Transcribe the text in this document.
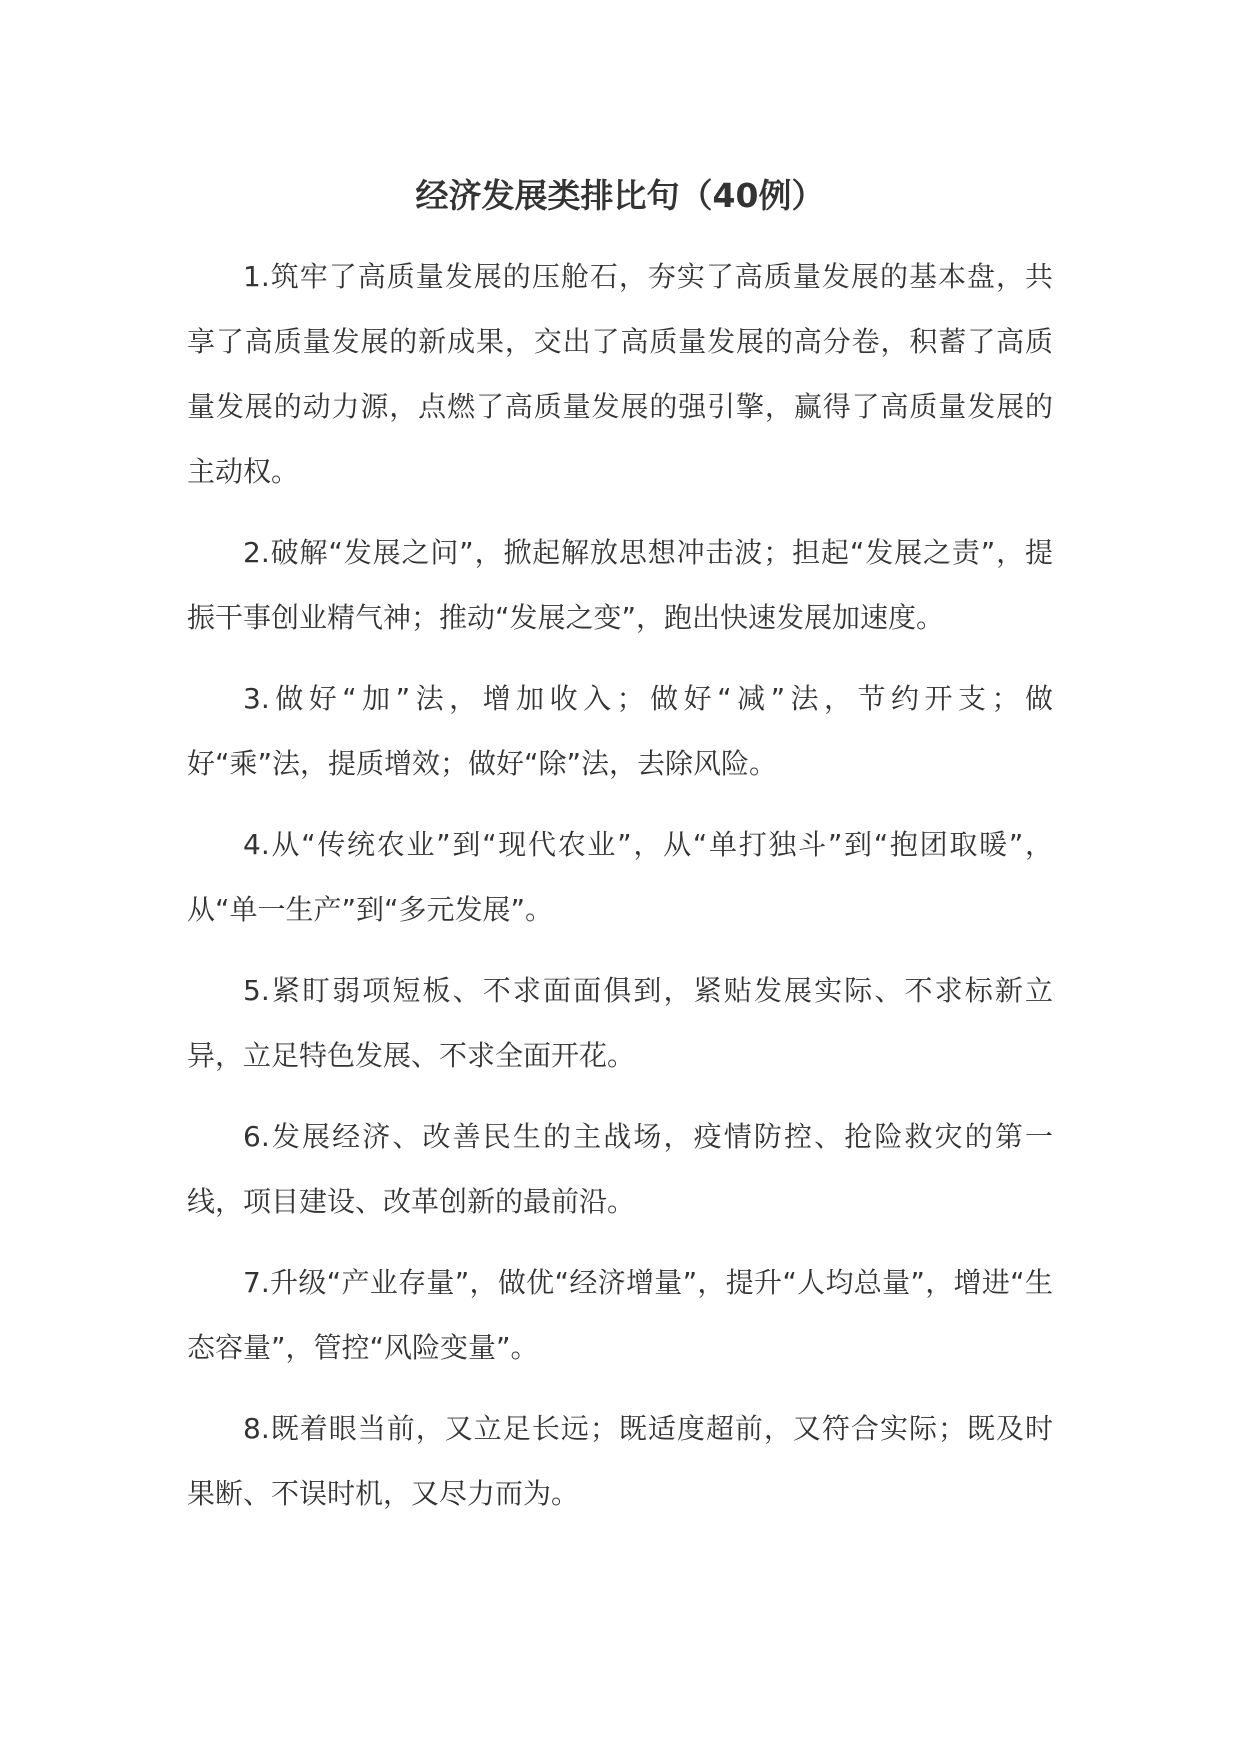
经济发展类排比句（40例）

1.筑牢了高质量发展的压舱石，夯实了高质量发展的基本盘，共享了高质量发展的新成果，交出了高质量发展的高分卷，积蓄了高质量发展的动力源，点燃了高质量发展的强引擎，赢得了高质量发展的主动权。

2.破解“发展之问”，掀起解放思想冲击波；担起“发展之责”，提振干事创业精气神；推动“发展之变”，跑出快速发展加速度。

3.做好“加”法，增加收入；做好“减”法，节约开支；做好“乘”法，提质增效；做好“除”法，去除风险。

4.从“传统农业”到“现代农业”，从“单打独斗”到“抱团取暖”，从“单一生产”到“多元发展”。

5.紧盯弱项短板、不求面面俱到，紧贴发展实际、不求标新立异，立足特色发展、不求全面开花。

6.发展经济、改善民生的主战场，疫情防控、抢险救灾的第一线，项目建设、改革创新的最前沿。

7.升级“产业存量”，做优“经济增量”，提升“人均总量”，增进“生态容量”，管控“风险变量”。

8.既着眼当前，又立足长远；既适度超前，又符合实际；既及时果断、不误时机，又尽力而为。
